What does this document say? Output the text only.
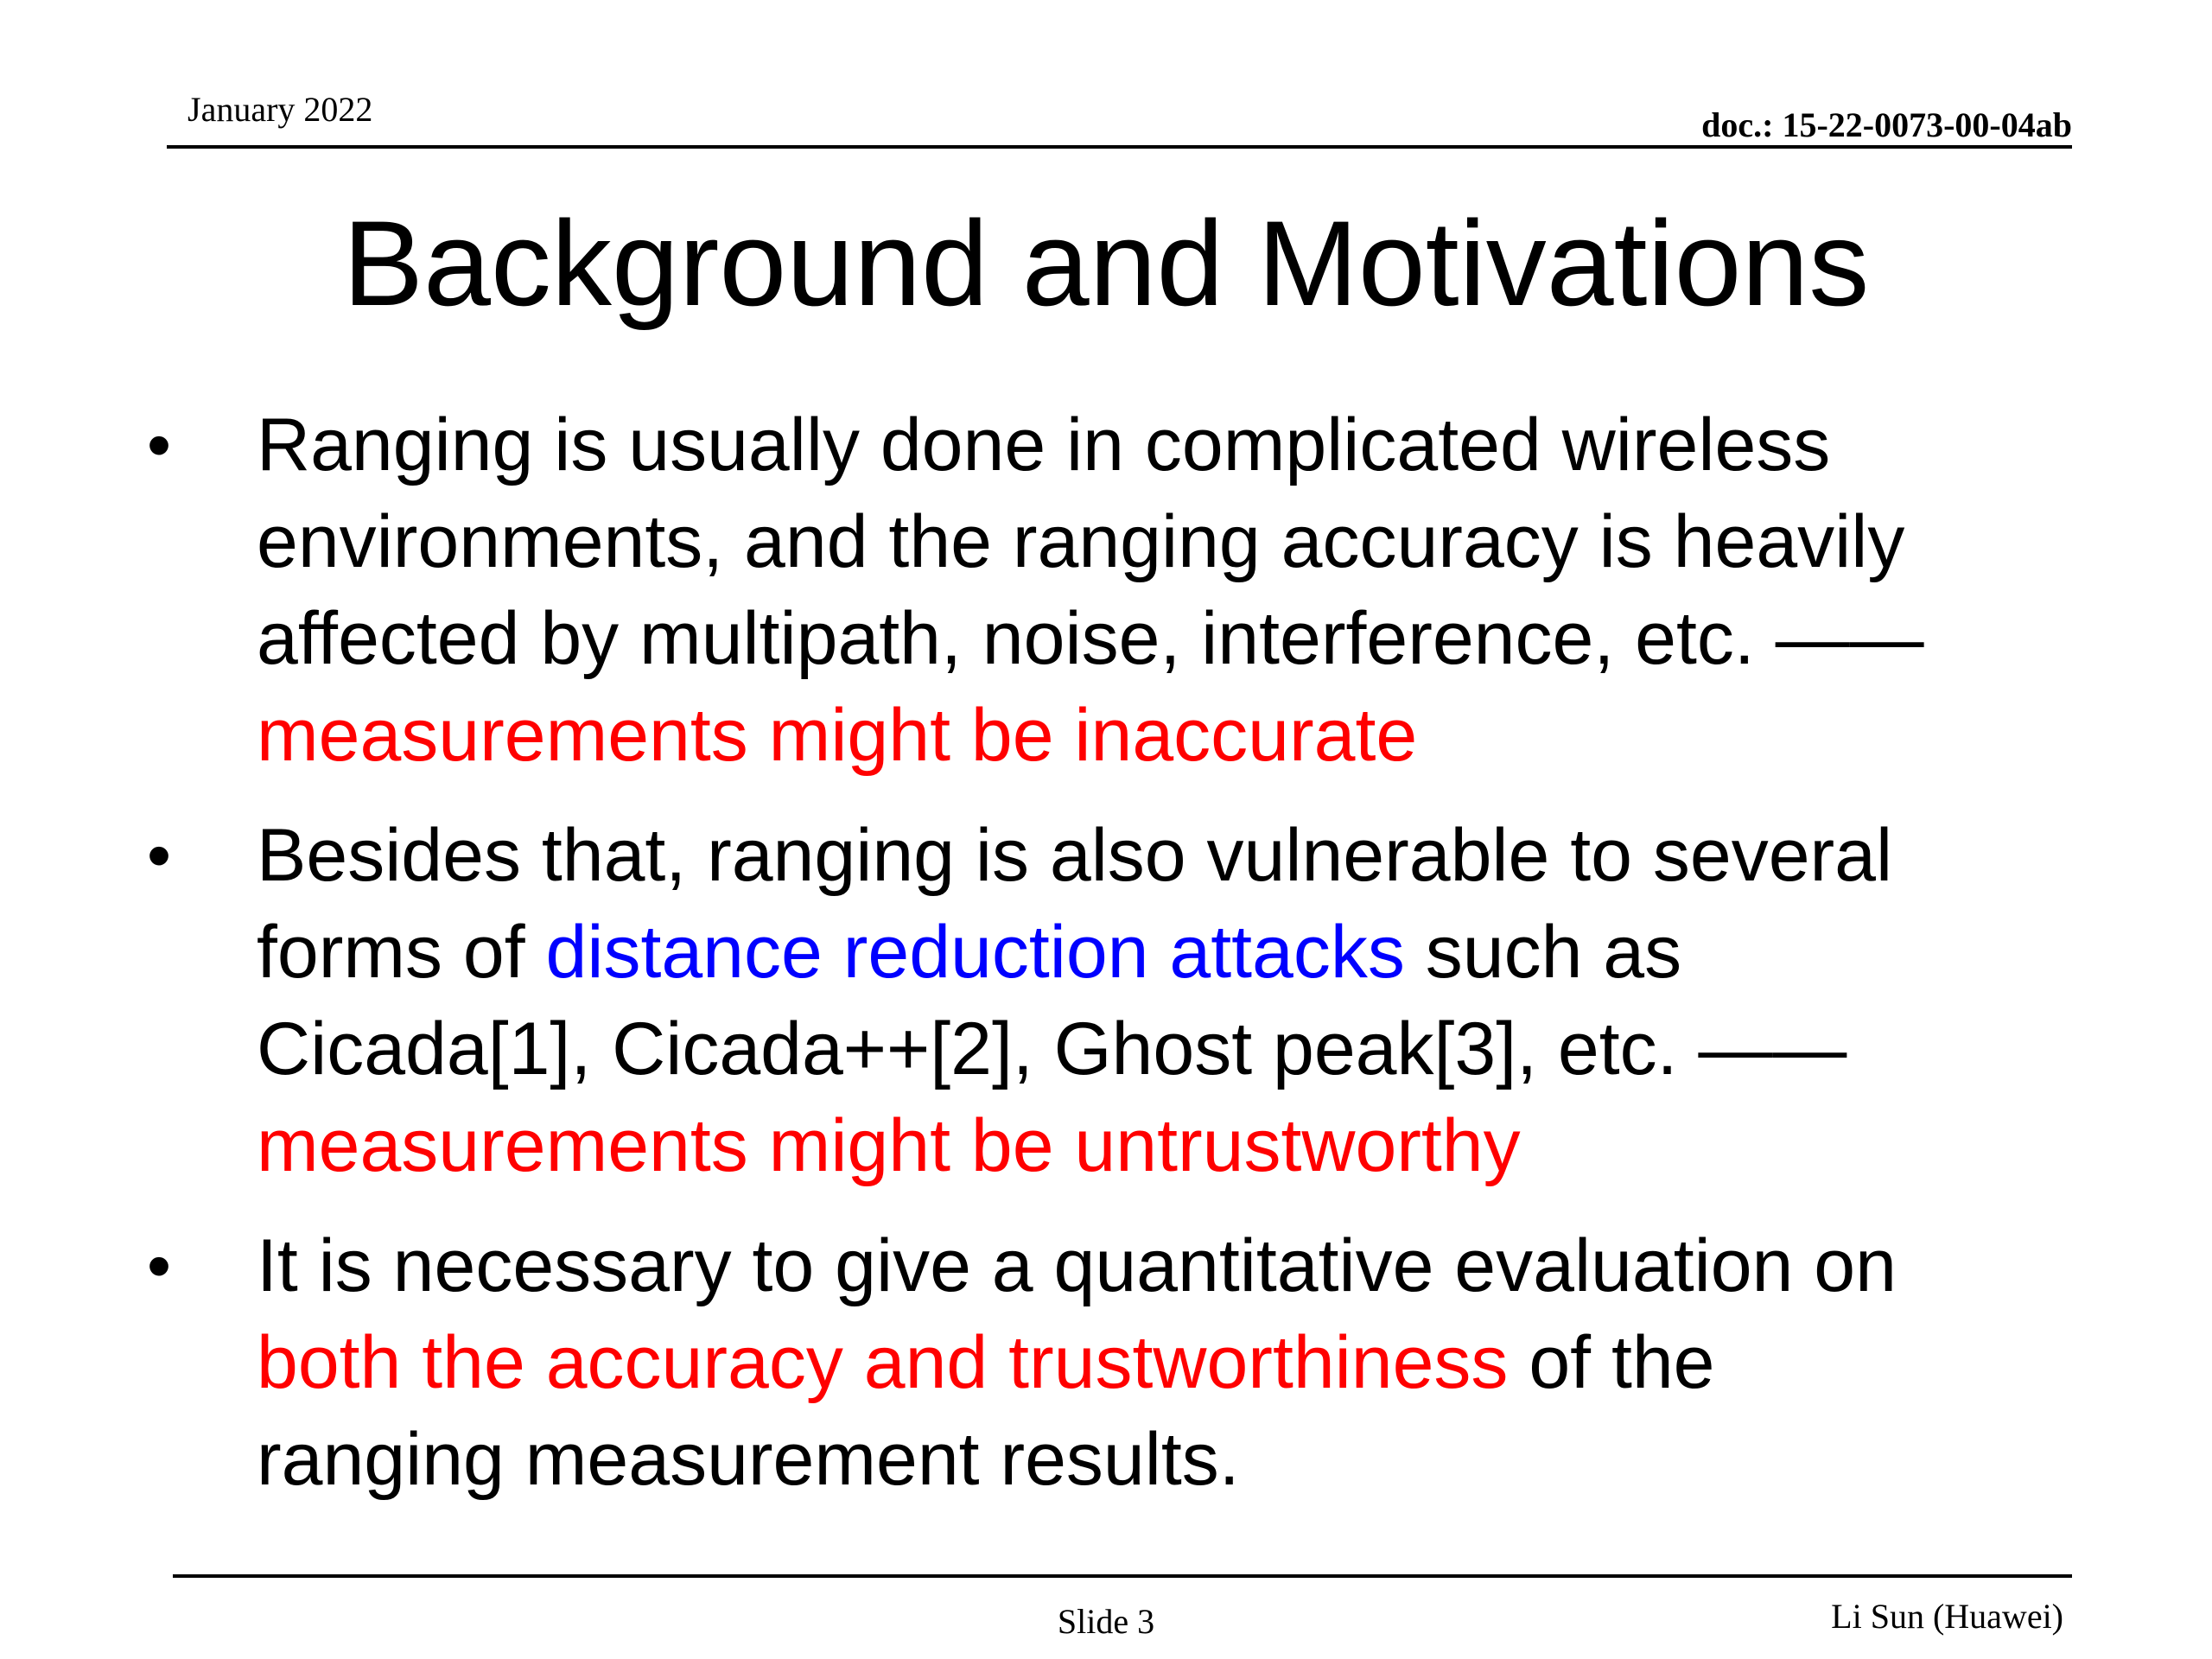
January 2022	doc.: 15-22-0073-00-04ab
Background and Motivations
• Ranging is usually done in complicated wireless
environments, and the ranging accuracy is heavily
affected by multipath, noise, interference, etc. ——
measurements might be inaccurate
• Besides that, ranging is also vulnerable to several
forms of distance reduction attacks such as
Cicada[1], Cicada++[2], Ghost peak[3], etc. ——
measurements might be untrustworthy
• It is necessary to give a quantitative evaluation on
both the accuracy and trustworthiness of the
ranging measurement results.
Slide 3	Li Sun (Huawei)
